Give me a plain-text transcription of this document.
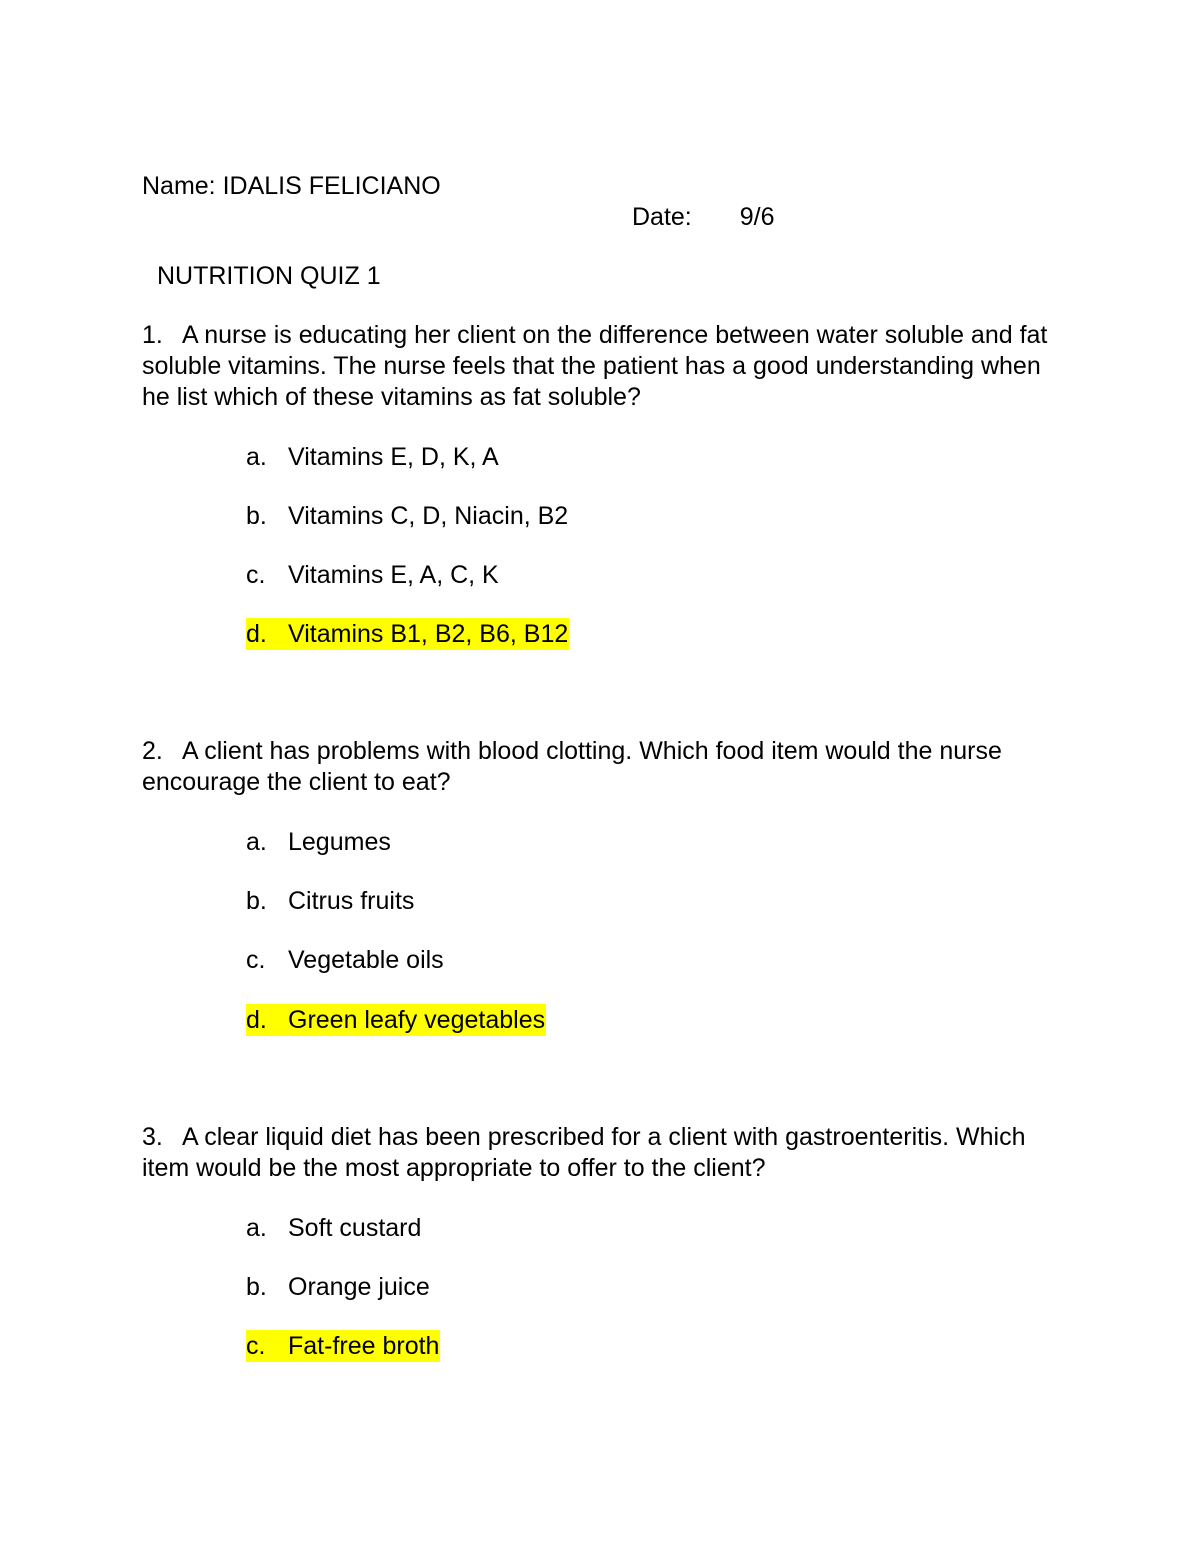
Name: IDALIS FELICIANO
Date: 9/6
NUTRITION QUIZ 1
1. A nurse is educating her client on the difference between water soluble and fat soluble vitamins. The nurse feels that the patient has a good understanding when he list which of these vitamins as fat soluble?
a. Vitamins E, D, K, A
b. Vitamins C, D, Niacin, B2
c. Vitamins E, A, C, K
d. Vitamins B1, B2, B6, B12
2. A client has problems with blood clotting. Which food item would the nurse encourage the client to eat?
a. Legumes
b. Citrus fruits
c. Vegetable oils
d. Green leafy vegetables
3. A clear liquid diet has been prescribed for a client with gastroenteritis. Which item would be the most appropriate to offer to the client?
a. Soft custard
b. Orange juice
c. Fat-free broth
